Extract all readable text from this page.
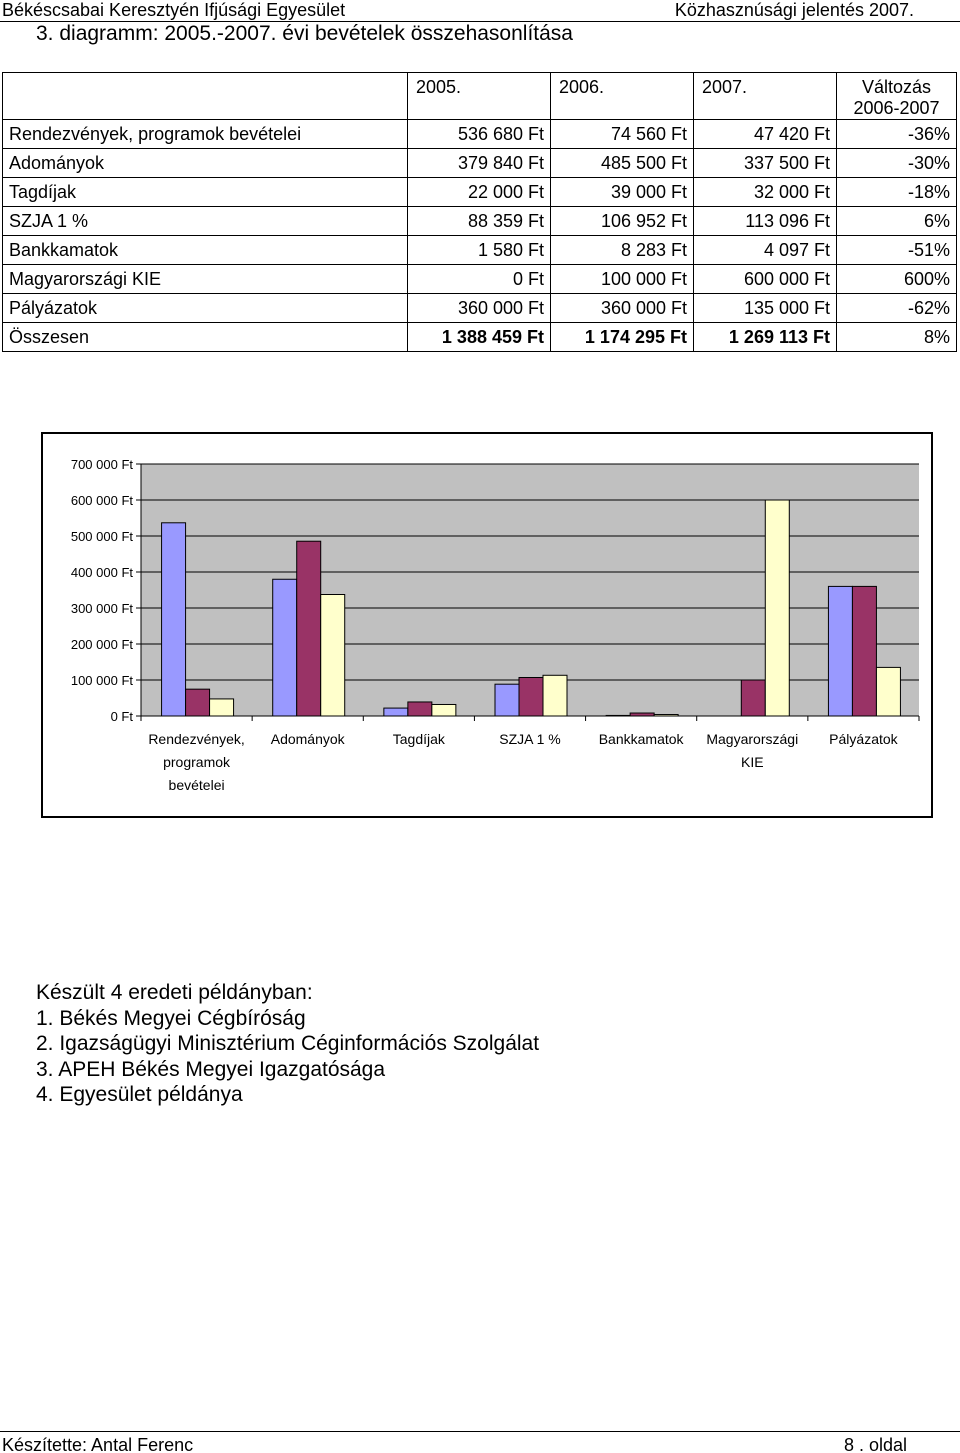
Békéscsabai Keresztyén Ifjúsági Egyesület	Közhasznúsági jelentés 2007.
3. diagramm: 2005.-2007. évi bevételek összehasonlítása
	2005.	2006.	2007.	Változás
2006-2007

Rendezvények, programok bevételei	536 680 Ft	74 560 Ft	47 420 Ft	-36%
Adományok	379 840 Ft	485 500 Ft	337 500 Ft	-30%
Tagdíjak	22 000 Ft	39 000 Ft	32 000 Ft	-18%
SZJA 1 %	88 359 Ft	106 952 Ft	113 096 Ft	6%
Bankkamatok	1 580 Ft	8 283 Ft	4 097 Ft	-51%
Magyarországi KIE	0 Ft	100 000 Ft	600 000 Ft	600%
Pályázatok	360 000 Ft	360 000 Ft	135 000 Ft	-62%
Összesen	1 388 459 Ft	1 174 295 Ft	1 269 113 Ft	8%
0 Ft
100 000 Ft
200 000 Ft
300 000 Ft
400 000 Ft
500 000 Ft
600 000 Ft
700 000 Ft
Rendezvények,
programok
bevételei
Adományok	Tagdíjak	SZJA 1 %	Bankkamatok Magyarországi
KIE
Pályázatok
Készült 4 eredeti példányban:
1. Békés Megyei Cégbíróság
2. Igazságügyi Minisztérium Céginformációs Szolgálat
3. APEH Békés Megyei Igazgatósága
4. Egyesület példánya
Készítette: Antal Ferenc	8 . oldal
